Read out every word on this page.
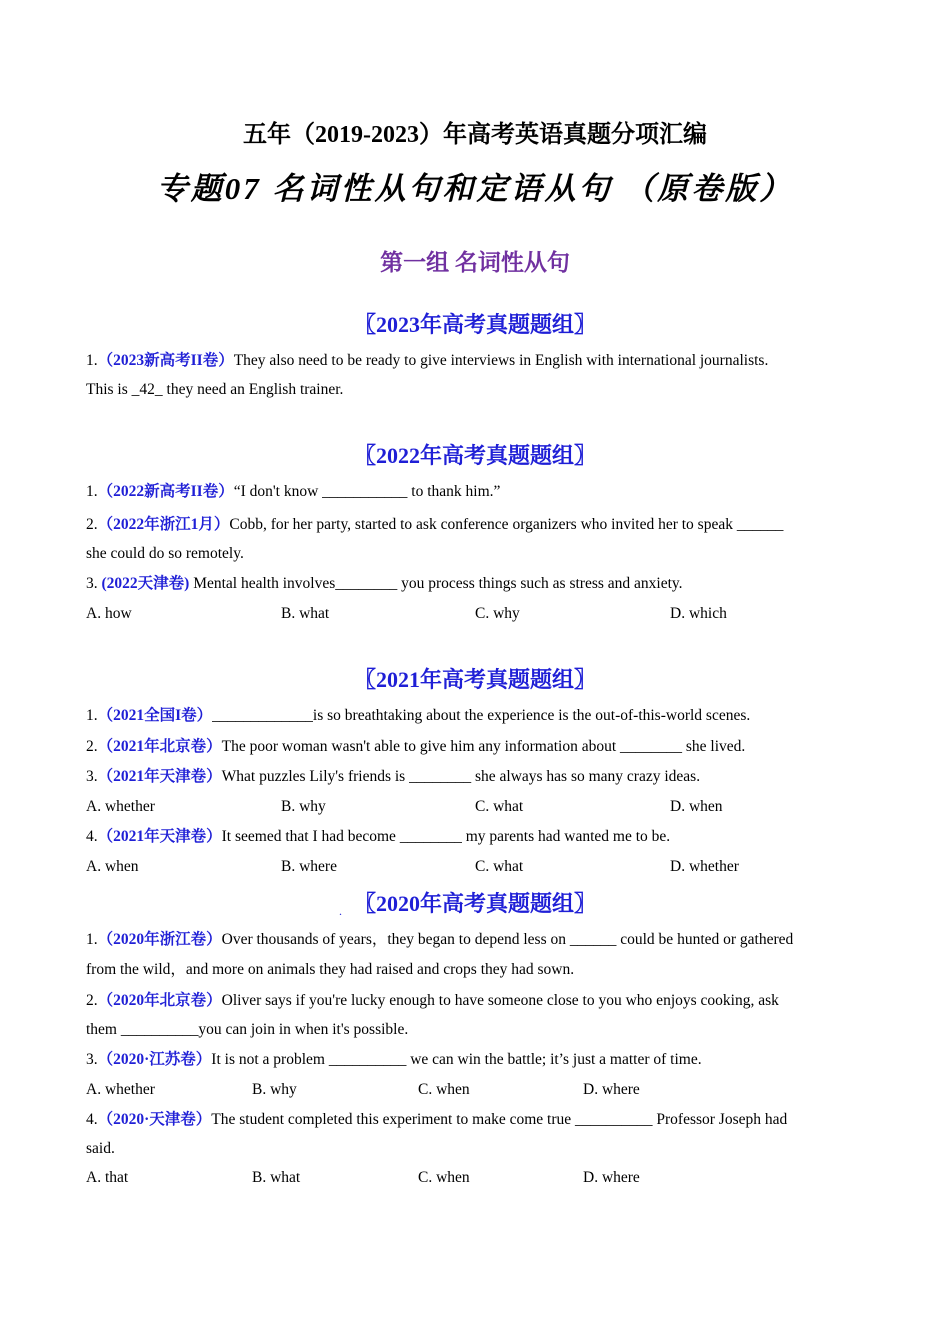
五年（2019-2023）年高考英语真题分项汇编
专题07 名词性从句和定语从句 （原卷版）
第一组 名词性从句
〖2023年高考真题题组〗
1.（2023新高考II卷）They also need to be ready to give interviews in English with international journalists.
This is _42_ they need an English trainer.
〖2022年高考真题题组〗
1.（2022新高考II卷）“I don't know ___________ to thank him.”
2.（2022年浙江1月）Cobb, for her party, started to ask conference organizers who invited her to speak ______
she could do so remotely.
3. (2022天津卷) Mental health involves________ you process things such as stress and anxiety.
A. how	B. what	C. why	D. which
〖2021年高考真题题组〗
1.（2021全国I卷）_____________is so breathtaking about the experience is the out-of-this-world scenes.
2.（2021年北京卷）The poor woman wasn't able to give him any information about ________ she lived.
3.（2021年天津卷）What puzzles Lily's friends is ________ she always has so many crazy ideas.
A. whether	B. why	C. what	D. when
4.（2021年天津卷）It seemed that I had become ________ my parents had wanted me to be.
A. when	B. where	C. what	D. whether
. 〖2020年高考真题题组〗
1.（2020年浙江卷）Over thousands of years，they began to depend less on ______ could be hunted or gathered
from the wild，and more on animals they had raised and crops they had sown.
2.（2020年北京卷）Oliver says if you're lucky enough to have someone close to you who enjoys cooking, ask
them __________you can join in when it's possible.
3.（2020·江苏卷）It is not a problem __________ we can win the battle; it’s just a matter of time.
A. whether	B. why	C. when	D. where
4.（2020·天津卷）The student completed this experiment to make come true __________ Professor Joseph had
said.
A. that	B. what	C. when	D. where
